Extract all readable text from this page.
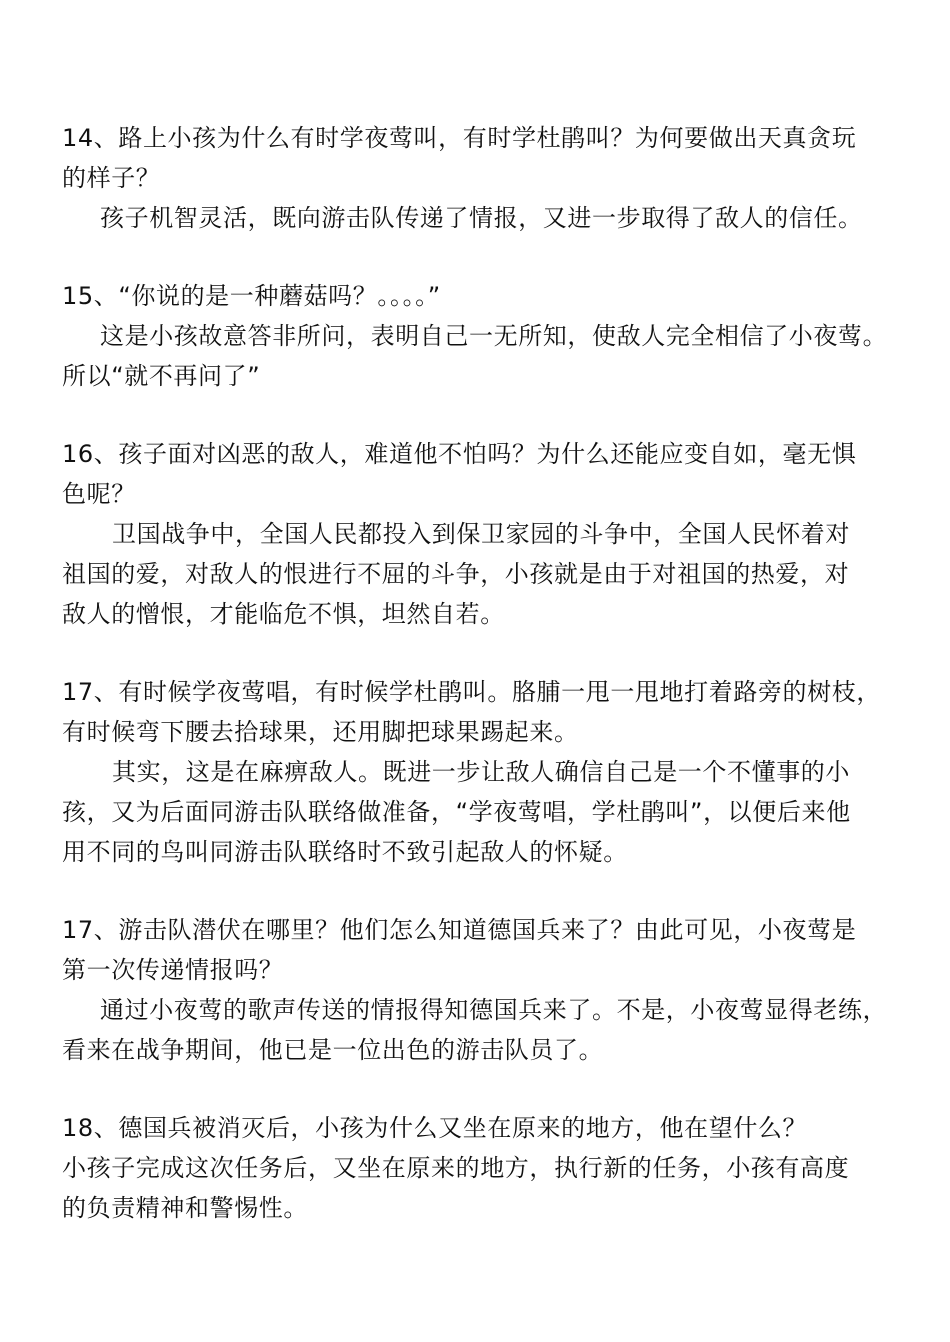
14、路上小孩为什么有时学夜莺叫，有时学杜鹃叫？为何要做出天真贪玩
的样子？
孩子机智灵活，既向游击队传递了情报，又进一步取得了敌人的信任。
15、“你说的是一种蘑菇吗？。。。。”
这是小孩故意答非所问，表明自己一无所知，使敌人完全相信了小夜莺。
所以“就不再问了”
16、孩子面对凶恶的敌人，难道他不怕吗？为什么还能应变自如，毫无惧
色呢？
卫国战争中，全国人民都投入到保卫家园的斗争中，全国人民怀着对
祖国的爱，对敌人的恨进行不屈的斗争，小孩就是由于对祖国的热爱，对
敌人的憎恨，才能临危不惧，坦然自若。
17、有时候学夜莺唱，有时候学杜鹃叫。胳脯一甩一甩地打着路旁的树枝，
有时候弯下腰去拾球果，还用脚把球果踢起来。
其实，这是在麻痹敌人。既进一步让敌人确信自己是一个不懂事的小
孩，又为后面同游击队联络做准备，“学夜莺唱，学杜鹃叫”，以便后来他
用不同的鸟叫同游击队联络时不致引起敌人的怀疑。
17、游击队潜伏在哪里？他们怎么知道德国兵来了？由此可见，小夜莺是
第一次传递情报吗？
通过小夜莺的歌声传送的情报得知德国兵来了。不是，小夜莺显得老练，
看来在战争期间，他已是一位出色的游击队员了。
18、德国兵被消灭后，小孩为什么又坐在原来的地方，他在望什么？
小孩子完成这次任务后，又坐在原来的地方，执行新的任务，小孩有高度
的负责精神和警惕性。
